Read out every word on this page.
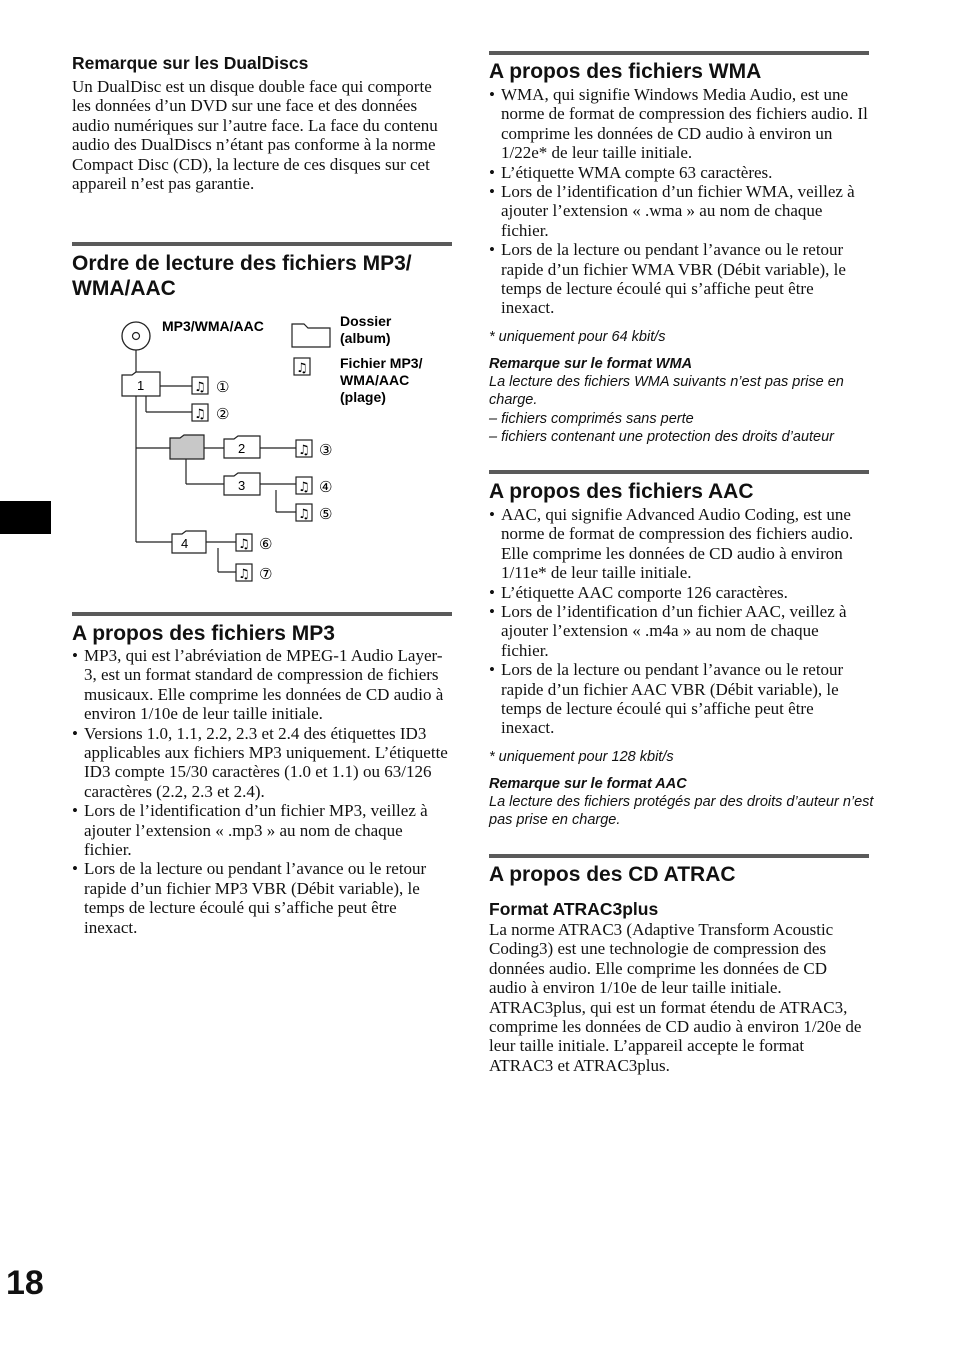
Remarque sur les DualDiscs
Un DualDisc est un disque double face qui comporte les données d’un DVD sur une face et des données audio numériques sur l’autre face. La face du contenu audio des DualDiscs n’étant pas conforme à la norme Compact Disc (CD), la lecture de ces disques sur cet appareil n’est pas garantie.
Ordre de lecture des fichiers MP3/ WMA/AAC
A propos des fichiers MP3
• MP3, qui est l’abréviation de MPEG-1 Audio Layer-3, est un format standard de compression de fichiers musicaux. Elle comprime les données de CD audio à environ 1/10e de leur taille initiale.
• Versions 1.0, 1.1, 2.2, 2.3 et 2.4 des étiquettes ID3 applicables aux fichiers MP3 uniquement. L’étiquette ID3 compte 15/30 caractères (1.0 et 1.1) ou 63/126 caractères (2.2, 2.3 et 2.4).
• Lors de l’identification d’un fichier MP3, veillez à ajouter l’extension « .mp3 » au nom de chaque fichier.
• Lors de la lecture ou pendant l’avance ou le retour rapide d’un fichier MP3 VBR (Débit variable), le temps de lecture écoulé qui s’affiche peut être inexact.
MP3/WMA/AAC	Dossier (album)
♫ Fichier MP3/ WMA/AAC (plage)
1	♫ ①
♫ ②
2	♫ ③
3	♫ ④
♫ ⑤
4	♫ ⑥
♫ ⑦
A propos des fichiers WMA
• WMA, qui signifie Windows Media Audio, est une norme de format de compression des fichiers audio. Il comprime les données de CD audio à environ un 1/22e* de leur taille initiale.
• L’étiquette WMA compte 63 caractères.
• Lors de l’identification d’un fichier WMA, veillez à ajouter l’extension « .wma » au nom de chaque fichier.
• Lors de la lecture ou pendant l’avance ou le retour rapide d’un fichier WMA VBR (Débit variable), le temps de lecture écoulé qui s’affiche peut être inexact.
* uniquement pour 64 kbit/s
Remarque sur le format WMA
La lecture des fichiers WMA suivants n’est pas prise en charge.
– fichiers comprimés sans perte
– fichiers contenant une protection des droits d’auteur
A propos des fichiers AAC
• AAC, qui signifie Advanced Audio Coding, est une norme de format de compression des fichiers audio. Elle comprime les données de CD audio à environ 1/11e* de leur taille initiale.
• L’étiquette AAC comporte 126 caractères.
• Lors de l’identification d’un fichier AAC, veillez à ajouter l’extension « .m4a » au nom de chaque fichier.
• Lors de la lecture ou pendant l’avance ou le retour rapide d’un fichier AAC VBR (Débit variable), le temps de lecture écoulé qui s’affiche peut être inexact.
* uniquement pour 128 kbit/s
Remarque sur le format AAC
La lecture des fichiers protégés par des droits d’auteur n’est pas prise en charge.
A propos des CD ATRAC
Format ATRAC3plus
La norme ATRAC3 (Adaptive Transform Acoustic Coding3) est une technologie de compression des données audio. Elle comprime les données de CD audio à environ 1/10e de leur taille initiale. ATRAC3plus, qui est un format étendu de ATRAC3, comprime les données de CD audio à environ 1/20e de leur taille initiale. L’appareil accepte le format ATRAC3 et ATRAC3plus.
18
